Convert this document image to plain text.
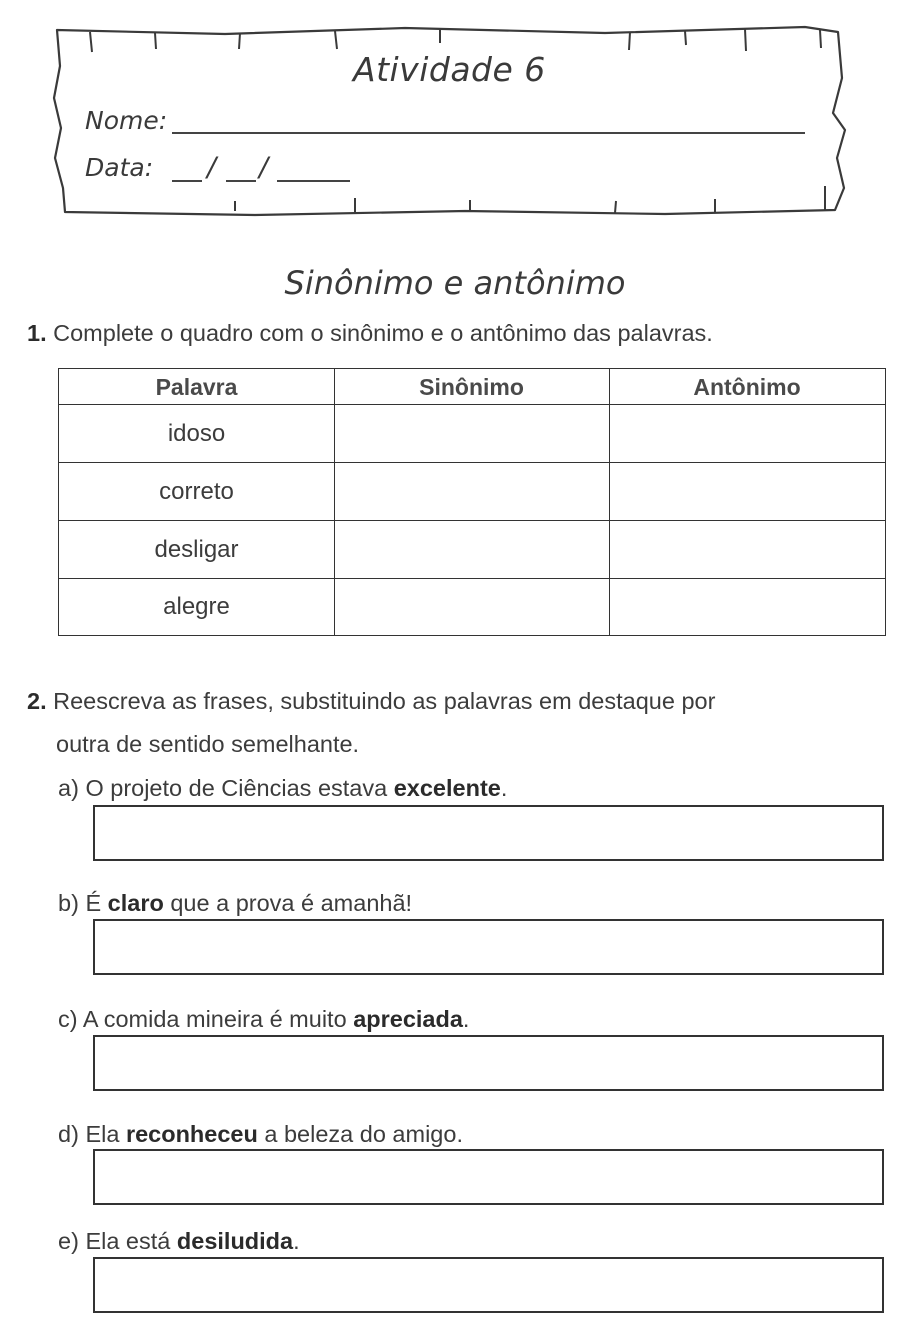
Atividade 6
Nome:
Data: / /
Sinônimo e antônimo
1. Complete o quadro com o sinônimo e o antônimo das palavras.
Palavra	Sinônimo	Antônimo
idoso
correto
desligar
alegre
2. Reescreva as frases, substituindo as palavras em destaque por
outra de sentido semelhante.
a) O projeto de Ciências estava excelente.
b) É claro que a prova é amanhã!
c) A comida mineira é muito apreciada.
d) Ela reconheceu a beleza do amigo.
e) Ela está desiludida.
